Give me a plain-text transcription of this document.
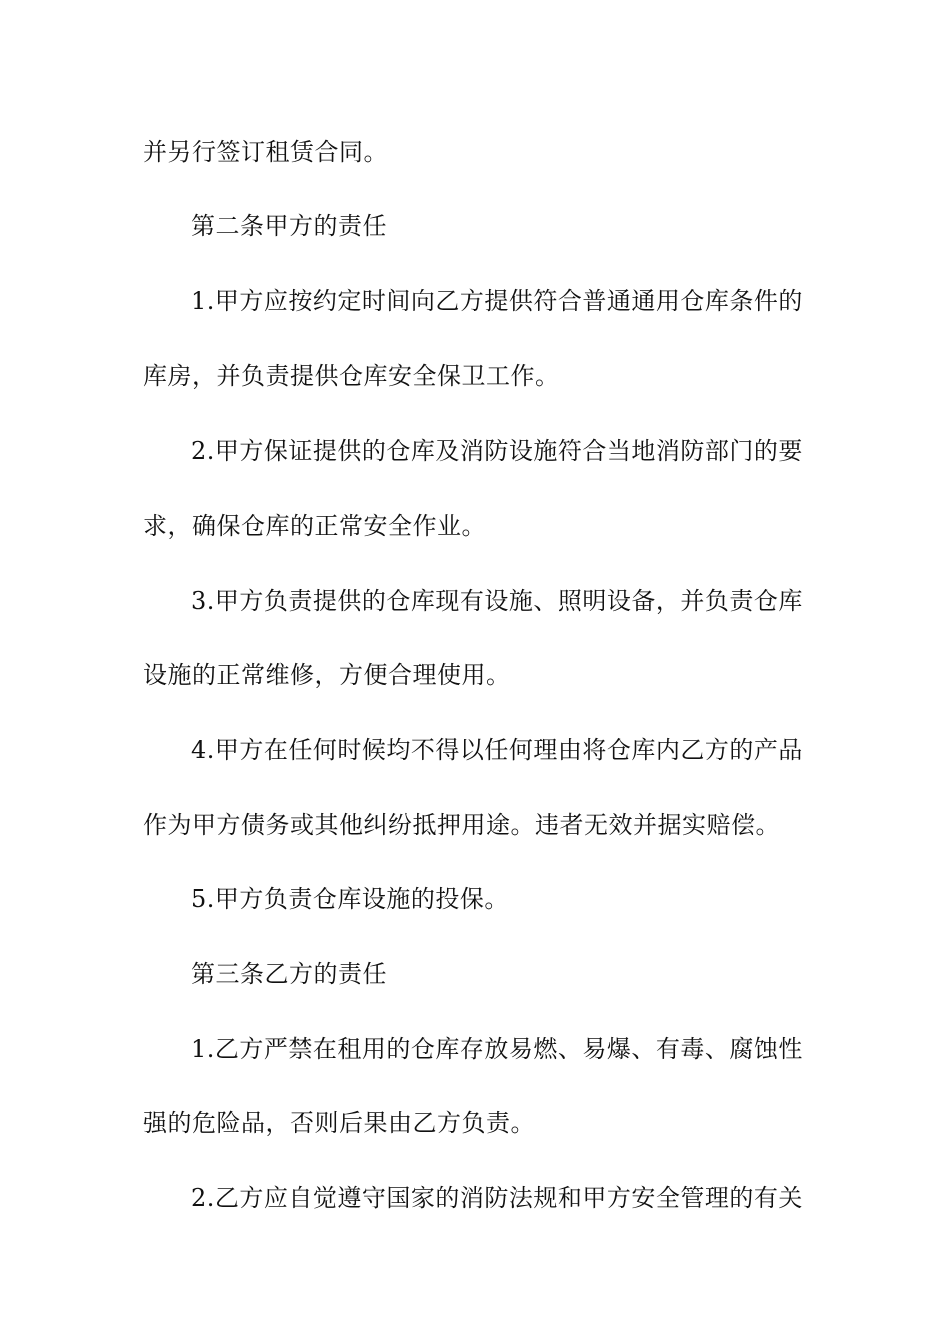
并另行签订租赁合同。
第二条甲方的责任
1.甲方应按约定时间向乙方提供符合普通通用仓库条件的
库房，并负责提供仓库安全保卫工作。
2.甲方保证提供的仓库及消防设施符合当地消防部门的要
求，确保仓库的正常安全作业。
3.甲方负责提供的仓库现有设施、照明设备，并负责仓库
设施的正常维修，方便合理使用。
4.甲方在任何时候均不得以任何理由将仓库内乙方的产品
作为甲方债务或其他纠纷抵押用途。违者无效并据实赔偿。
5.甲方负责仓库设施的投保。
第三条乙方的责任
1.乙方严禁在租用的仓库存放易燃、易爆、有毒、腐蚀性
强的危险品，否则后果由乙方负责。
2.乙方应自觉遵守国家的消防法规和甲方安全管理的有关
